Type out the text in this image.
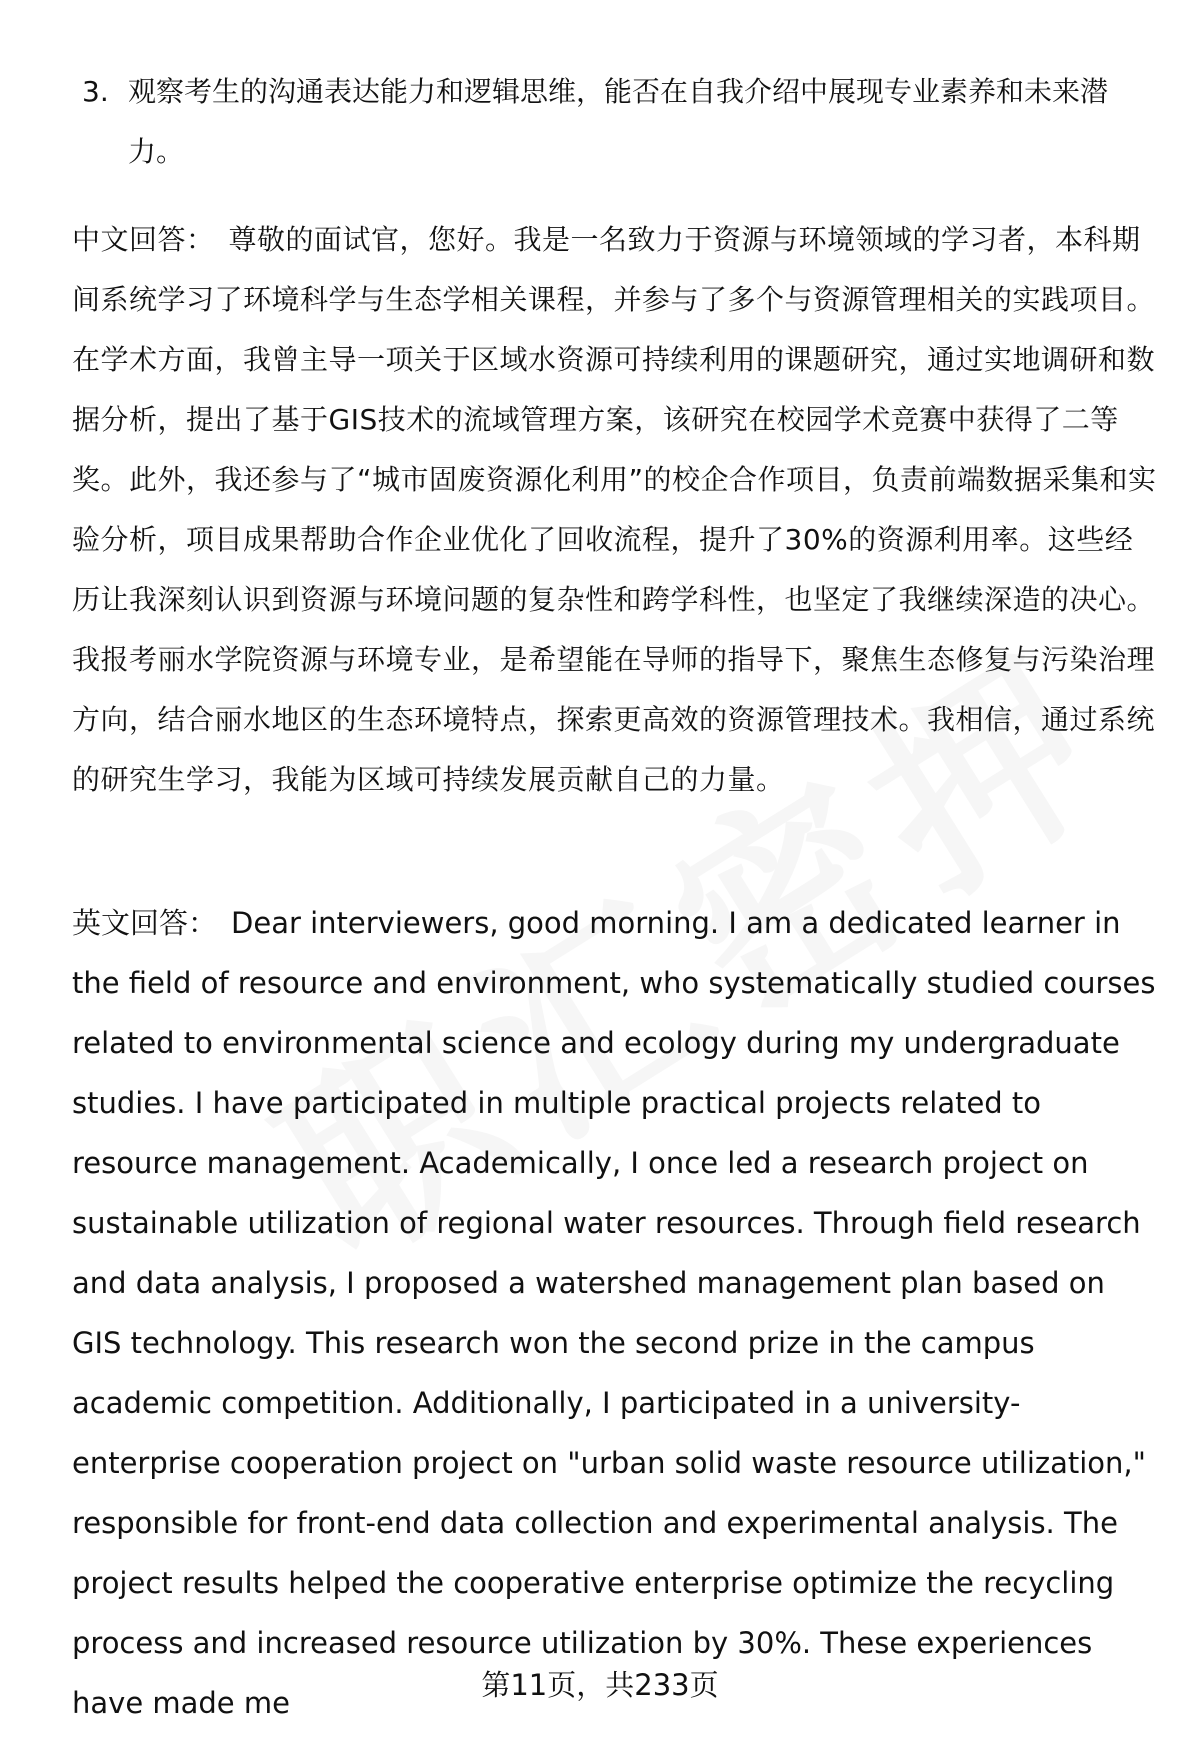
3. 观察考生的沟通表达能力和逻辑思维，能否在自我介绍中展现专业素养和未来潜力。
中文回答： 尊敬的面试官，您好。我是一名致力于资源与环境领域的学习者，本科期间系统学习了环境科学与生态学相关课程，并参与了多个与资源管理相关的实践项目。在学术方面，我曾主导一项关于区域水资源可持续利用的课题研究，通过实地调研和数据分析，提出了基于GIS技术的流域管理方案，该研究在校园学术竞赛中获得了二等奖。此外，我还参与了“城市固废资源化利用”的校企合作项目，负责前端数据采集和实验分析，项目成果帮助合作企业优化了回收流程，提升了30%的资源利用率。这些经历让我深刻认识到资源与环境问题的复杂性和跨学科性，也坚定了我继续深造的决心。我报考丽水学院资源与环境专业，是希望能在导师的指导下，聚焦生态修复与污染治理方向，结合丽水地区的生态环境特点，探索更高效的资源管理技术。我相信，通过系统的研究生学习，我能为区域可持续发展贡献自己的力量。
英文回答： Dear interviewers, good morning. I am a dedicated learner in the field of resource and environment, who systematically studied courses related to environmental science and ecology during my undergraduate studies. I have participated in multiple practical projects related to resource management. Academically, I once led a research project on sustainable utilization of regional water resources. Through field research and data analysis, I proposed a watershed management plan based on GIS technology. This research won the second prize in the campus academic competition. Additionally, I participated in a university-enterprise cooperation project on "urban solid waste resource utilization," responsible for front-end data collection and experimental analysis. The project results helped the cooperative enterprise optimize the recycling process and increased resource utilization by 30%. These experiences have made me
第11页，共233页
